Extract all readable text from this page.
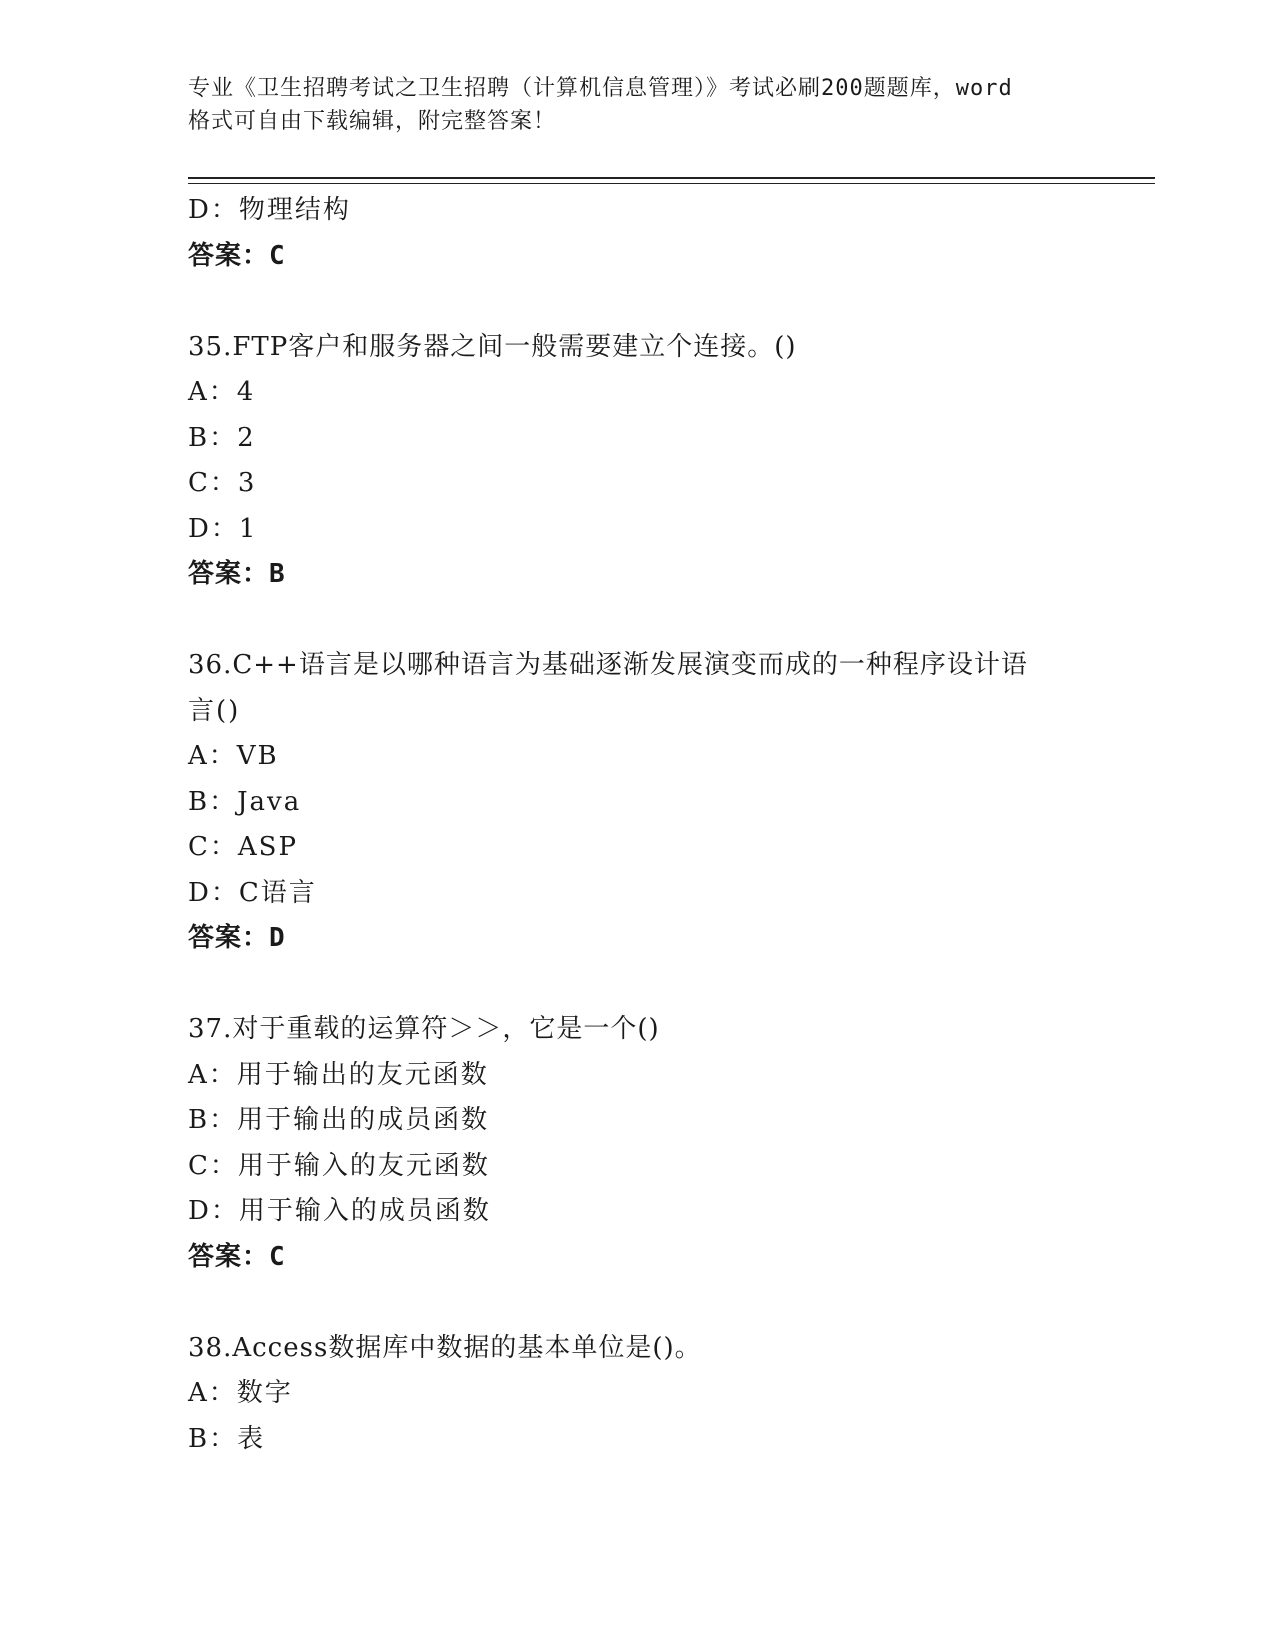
专业《卫生招聘考试之卫生招聘（计算机信息管理）》考试必刷200题题库，word
格式可自由下载编辑，附完整答案！
D：物理结构
答案：C
35.FTP客户和服务器之间一般需要建立个连接。()
A：4
B：2
C：3
D：1
答案：B
36.C++语言是以哪种语言为基础逐渐发展演变而成的一种程序设计语
言()
A：VB
B：Java
C：ASP
D：C语言
答案：D
37.对于重载的运算符＞＞，它是一个()
A：用于输出的友元函数
B：用于输出的成员函数
C：用于输入的友元函数
D：用于输入的成员函数
答案：C
38.Access数据库中数据的基本单位是()。
A：数字
B：表
